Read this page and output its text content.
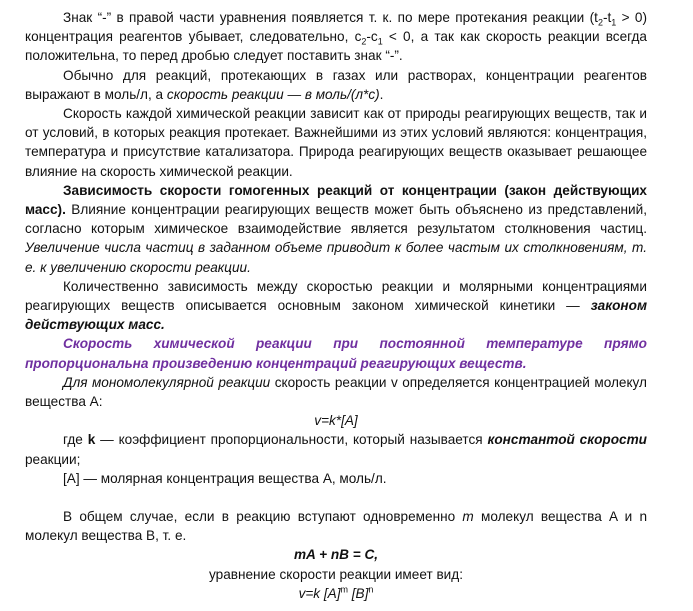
Знак “-” в правой части уравнения появляется т. к. по мере протекания реакции $(t_2-t_1 > 0)$ концентрация реагентов убывает, следовательно, $c_2-c_1 < 0$, а так как скорость реакции всегда положительна, то перед дробью следует поставить знак “-”.

Обычно для реакций, протекающих в газах или растворах, концентрации реагентов выражают в моль/л, а скорость реакции — в моль/(л*с).

Скорость каждой химической реакции зависит как от природы реагирующих веществ, так и от условий, в которых реакция протекает. Важнейшими из этих условий являются: концентрация, температура и присутствие катализатора. Природа реагирующих веществ оказывает решающее влияние на скорость химической реакции.

Зависимость скорости гомогенных реакций от концентрации (закон действующих масс). Влияние концентрации реагирующих веществ может быть объяснено из представлений, согласно которым химическое взаимодействие является результатом столкновения частиц. Увеличение числа частиц в заданном объеме приводит к более частым их столкновениям, т. е. к увеличению скорости реакции.

Количественно зависимость между скоростью реакции и молярными концентрациями реагирующих веществ описывается основным законом химической кинетики — законом действующих масс.

Скорость химической реакции при постоянной температуре прямо пропорциональна произведению концентраций реагирующих веществ.

Для мономолекулярной реакции скорость реакции v определяется концентрацией молекул вещества A:

v=k*[A]

где k — коэффициент пропорциональности, который называется константой скорости реакции;

[A] — молярная концентрация вещества A, моль/л.

В общем случае, если в реакцию вступают одновременно m молекул вещества A и n молекул вещества B, т. е.

mA + nB = C,

уравнение скорости реакции имеет вид:

v=k $[A]^m$ $[B]^n$
